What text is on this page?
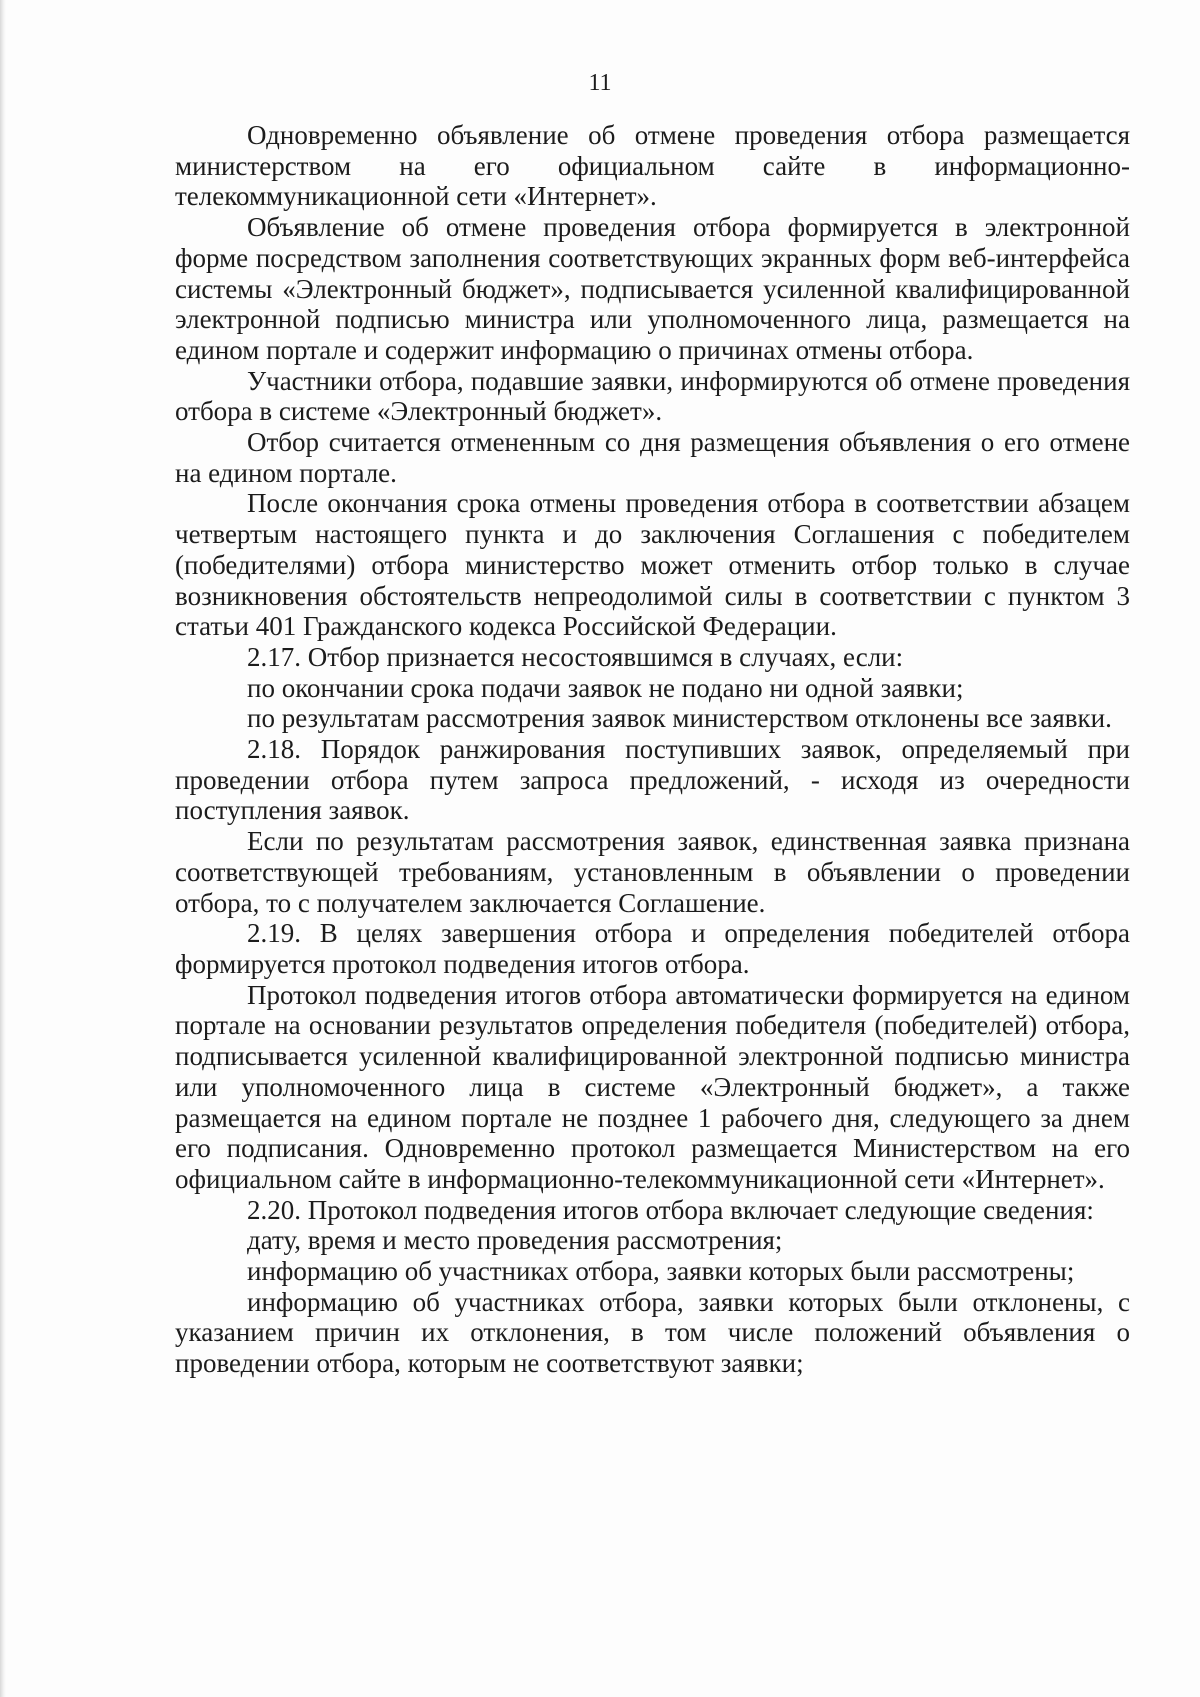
11

Одновременно объявление об отмене проведения отбора размещается министерством на его официальном сайте в информационно-телекоммуникационной сети «Интернет».

Объявление об отмене проведения отбора формируется в электронной форме посредством заполнения соответствующих экранных форм веб-интерфейса системы «Электронный бюджет», подписывается усиленной квалифицированной электронной подписью министра или уполномоченного лица, размещается на едином портале и содержит информацию о причинах отмены отбора.

Участники отбора, подавшие заявки, информируются об отмене проведения отбора в системе «Электронный бюджет».

Отбор считается отмененным со дня размещения объявления о его отмене на едином портале.

После окончания срока отмены проведения отбора в соответствии абзацем четвертым настоящего пункта и до заключения Соглашения с победителем (победителями) отбора министерство может отменить отбор только в случае возникновения обстоятельств непреодолимой силы в соответствии с пунктом 3 статьи 401 Гражданского кодекса Российской Федерации.

2.17. Отбор признается несостоявшимся в случаях, если:

по окончании срока подачи заявок не подано ни одной заявки;

по результатам рассмотрения заявок министерством отклонены все заявки.

2.18. Порядок ранжирования поступивших заявок, определяемый при проведении отбора путем запроса предложений, - исходя из очередности поступления заявок.

Если по результатам рассмотрения заявок, единственная заявка признана соответствующей требованиям, установленным в объявлении о проведении отбора, то с получателем заключается Соглашение.

2.19. В целях завершения отбора и определения победителей отбора формируется протокол подведения итогов отбора.

Протокол подведения итогов отбора автоматически формируется на едином портале на основании результатов определения победителя (победителей) отбора, подписывается усиленной квалифицированной электронной подписью министра или уполномоченного лица в системе «Электронный бюджет», а также размещается на едином портале не позднее 1 рабочего дня, следующего за днем его подписания. Одновременно протокол размещается Министерством на его официальном сайте в информационно-телекоммуникационной сети «Интернет».

2.20. Протокол подведения итогов отбора включает следующие сведения:

дату, время и место проведения рассмотрения;

информацию об участниках отбора, заявки которых были рассмотрены;

информацию об участниках отбора, заявки которых были отклонены, с указанием причин их отклонения, в том числе положений объявления о проведении отбора, которым не соответствуют заявки;
